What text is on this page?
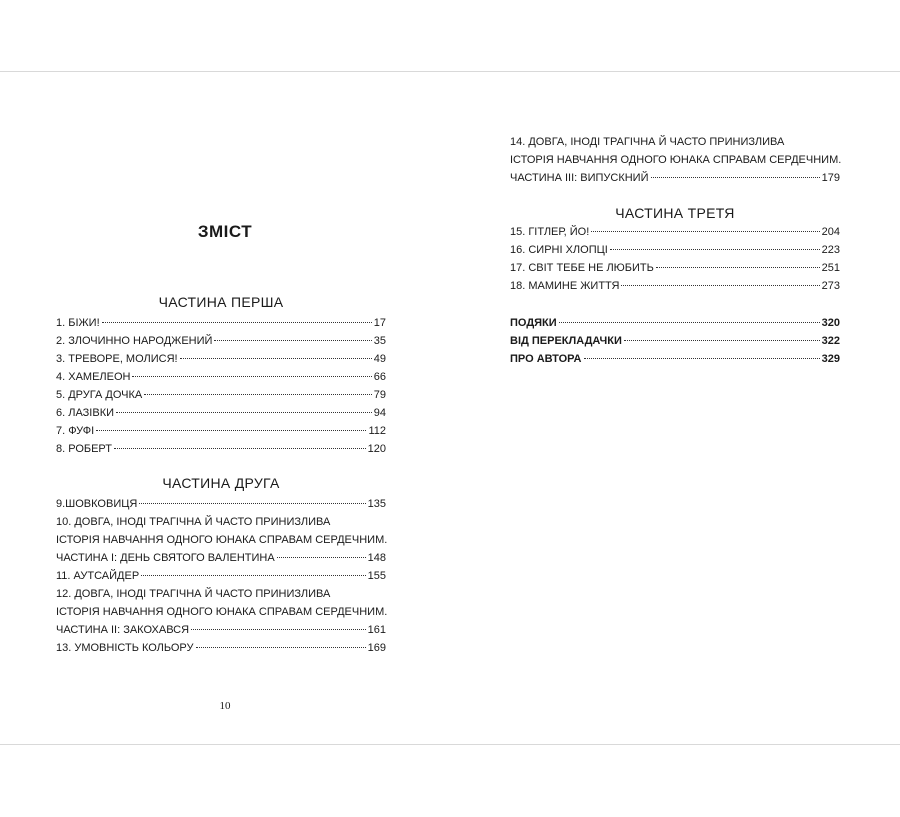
ЗМІСТ
ЧАСТИНА ПЕРША
1. БІЖИ!	17
2. ЗЛОЧИННО НАРОДЖЕНИЙ	35
3. ТРЕВОРЕ, МОЛИСЯ!	49
4. ХАМЕЛЕОН	66
5. ДРУГА ДОЧКА	79
6. ЛАЗІВКИ	94
7. ФУФІ	112
8. РОБЕРТ	120
ЧАСТИНА ДРУГА
9.ШОВКОВИЦЯ	135
10. ДОВГА, ІНОДІ ТРАГІЧНА Й ЧАСТО ПРИНИЗЛИВА
ІСТОРІЯ НАВЧАННЯ ОДНОГО ЮНАКА СПРАВАМ СЕРДЕЧНИМ.
ЧАСТИНА І: ДЕНЬ СВЯТОГО ВАЛЕНТИНА	148
11. АУТСАЙДЕР	155
12. ДОВГА, ІНОДІ ТРАГІЧНА Й ЧАСТО ПРИНИЗЛИВА
ІСТОРІЯ НАВЧАННЯ ОДНОГО ЮНАКА СПРАВАМ СЕРДЕЧНИМ.
ЧАСТИНА ІІ: ЗАКОХАВСЯ	161
13. УМОВНІСТЬ КОЛЬОРУ	169
10
14. ДОВГА, ІНОДІ ТРАГІЧНА Й ЧАСТО ПРИНИЗЛИВА
ІСТОРІЯ НАВЧАННЯ ОДНОГО ЮНАКА СПРАВАМ СЕРДЕЧНИМ.
ЧАСТИНА ІІІ: ВИПУСКНИЙ	179
ЧАСТИНА ТРЕТЯ
15. ГІТЛЕР, ЙО!	204
16. СИРНІ ХЛОПЦІ	223
17. СВІТ ТЕБЕ НЕ ЛЮБИТЬ	251
18. МАМИНЕ ЖИТТЯ	273
ПОДЯКИ	320
ВІД ПЕРЕКЛАДАЧКИ	322
ПРО АВТОРА	329
